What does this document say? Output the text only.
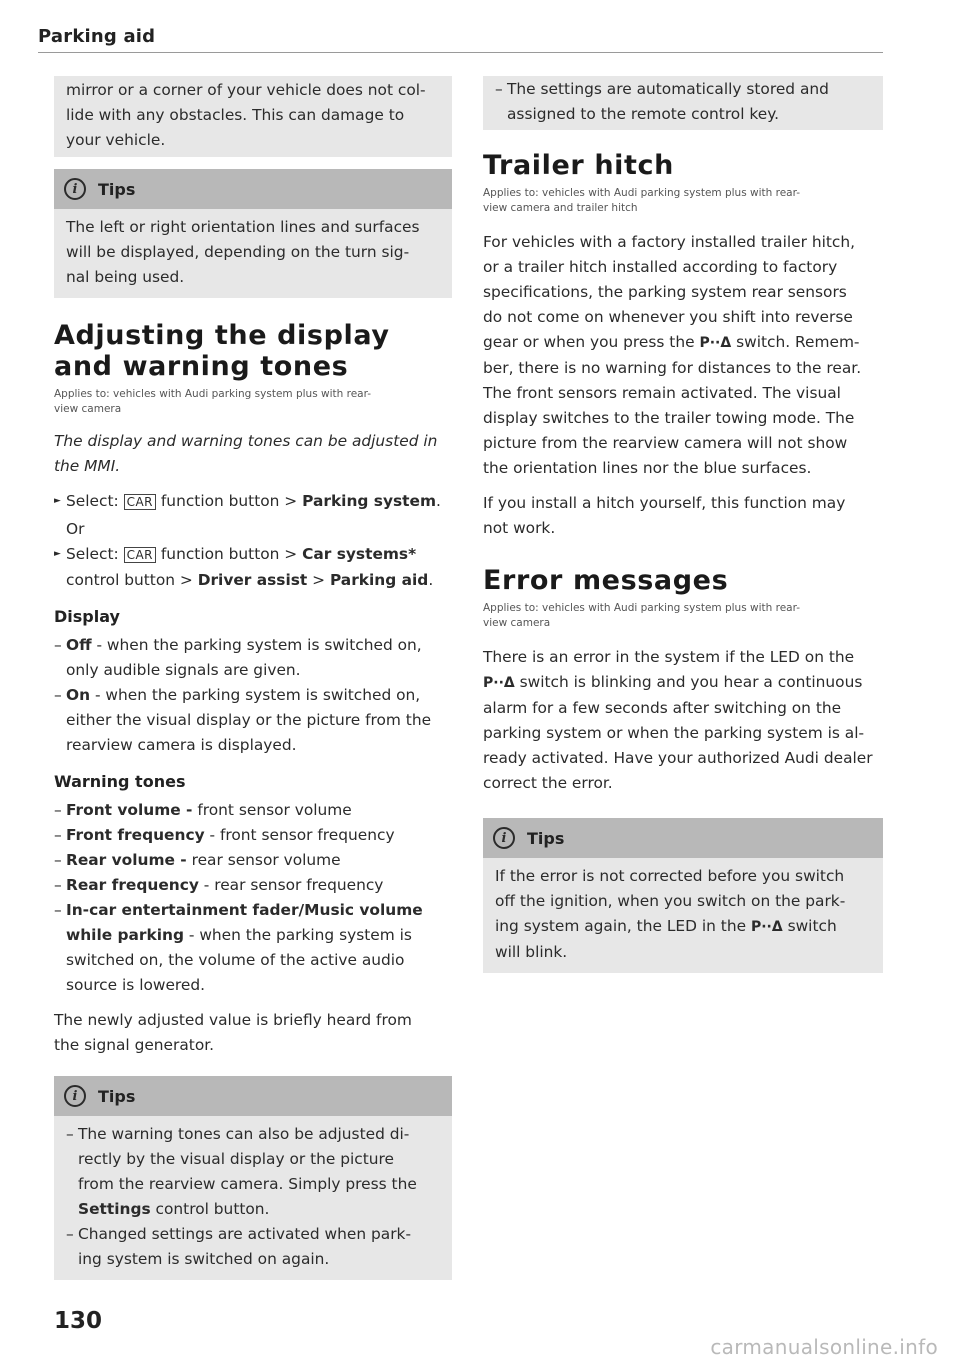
Parking aid

mirror or a corner of your vehicle does not col-

lide with any obstacles. This can damage to

your vehicle.

i	Tips

The left or right orientation lines and surfaces

will be displayed, depending on the turn sig-

nal being used.

Adjusting the display
and warning tones
Applies to: vehicles with Audi parking system plus with rear-
view camera

The display and warning tones can be adjusted in
the MMI.

► Select: CAR function button > Parking system.

Or

► Select: CAR function button > Car systems*
control button > Driver assist > Parking aid.
Display
– Off - when the parking system is switched on,
only audible signals are given.
– On - when the parking system is switched on,
either the visual display or the picture from the
rearview camera is displayed.
Warning tones
– Front volume - front sensor volume
– Front frequency - front sensor frequency
– Rear volume - rear sensor volume
– Rear frequency - rear sensor frequency
– In-car entertainment fader/Music volume
while parking - when the parking system is
switched on, the volume of the active audio
source is lowered.

The newly adjusted value is briefly heard from
the signal generator.

i	Tips
– The warning tones can also be adjusted di-
rectly by the visual display or the picture
from the rearview camera. Simply press the
Settings control button.
– Changed settings are activated when park-
ing system is switched on again.
– The settings are automatically stored and
assigned to the remote control key.
Trailer hitch
Applies to: vehicles with Audi parking system plus with rear-
view camera and trailer hitch

For vehicles with a factory installed trailer hitch,
or a trailer hitch installed according to factory
specifications, the parking system rear sensors
do not come on whenever you shift into reverse
gear or when you press the P··Δ switch. Remem-
ber, there is no warning for distances to the rear.
The front sensors remain activated. The visual
display switches to the trailer towing mode. The
picture from the rearview camera will not show
the orientation lines nor the blue surfaces.

If you install a hitch yourself, this function may
not work.

Error messages
Applies to: vehicles with Audi parking system plus with rear-
view camera

There is an error in the system if the LED on the
P··Δ switch is blinking and you hear a continuous
alarm for a few seconds after switching on the
parking system or when the parking system is al-
ready activated. Have your authorized Audi dealer
correct the error.

i	Tips

If the error is not corrected before you switch
off the ignition, when you switch on the park-
ing system again, the LED in the P··Δ switch
will blink.

130
carmanualsonline.info
